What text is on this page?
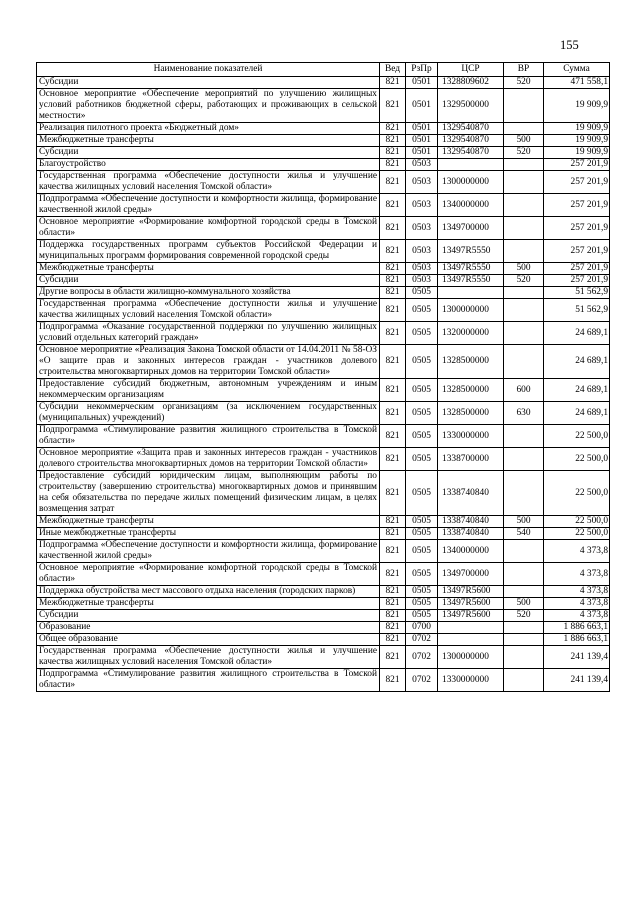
155
Наименование показателей	Вед	РзПр	ЦСР	ВР	Сумма
Субсидии	821	0501	1328809602	520	471 558,1
Основное мероприятие «Обеспечение мероприятий по улучшению жилищных условий работников бюджетной сферы, работающих и проживающих в сельской местности»	821	0501	1329500000		19 909,9
Реализация пилотного проекта «Бюджетный дом»	821	0501	1329540870		19 909,9
Межбюджетные трансферты	821	0501	1329540870	500	19 909,9
Субсидии	821	0501	1329540870	520	19 909,9
Благоустройство	821	0503			257 201,9
Государственная программа «Обеспечение доступности жилья и улучшение качества жилищных условий населения Томской области»	821	0503	1300000000		257 201,9
Подпрограмма «Обеспечение доступности и комфортности жилища, формирование качественной жилой среды»	821	0503	1340000000		257 201,9
Основное мероприятие «Формирование комфортной городской среды в Томской области»	821	0503	1349700000		257 201,9
Поддержка государственных программ субъектов Российской Федерации и муниципальных программ формирования современной городской среды	821	0503	13497R5550		257 201,9
Межбюджетные трансферты	821	0503	13497R5550	500	257 201,9
Субсидии	821	0503	13497R5550	520	257 201,9
Другие вопросы в области жилищно-коммунального хозяйства	821	0505			51 562,9
Государственная программа «Обеспечение доступности жилья и улучшение качества жилищных условий населения Томской области»	821	0505	1300000000		51 562,9
Подпрограмма «Оказание государственной поддержки по улучшению жилищных условий отдельных категорий граждан»	821	0505	1320000000		24 689,1
Основное мероприятие «Реализация Закона Томской области от 14.04.2011 № 58-ОЗ «О защите прав и законных интересов граждан - участников долевого строительства многоквартирных домов на территории Томской области»	821	0505	1328500000		24 689,1
Предоставление субсидий бюджетным, автономным учреждениям и иным некоммерческим организациям	821	0505	1328500000	600	24 689,1
Субсидии некоммерческим организациям (за исключением государственных (муниципальных) учреждений)	821	0505	1328500000	630	24 689,1
Подпрограмма «Стимулирование развития жилищного строительства в Томской области»	821	0505	1330000000		22 500,0
Основное мероприятие «Защита прав и законных интересов граждан - участников долевого строительства многоквартирных домов на территории Томской области»	821	0505	1338700000		22 500,0
Предоставление субсидий юридическим лицам, выполняющим работы по строительству (завершению строительства) многоквартирных домов и принявшим на себя обязательства по передаче жилых помещений физическим лицам, в целях возмещения затрат	821	0505	1338740840		22 500,0
Межбюджетные трансферты	821	0505	1338740840	500	22 500,0
Иные межбюджетные трансферты	821	0505	1338740840	540	22 500,0
Подпрограмма «Обеспечение доступности и комфортности жилища, формирование качественной жилой среды»	821	0505	1340000000		4 373,8
Основное мероприятие «Формирование комфортной городской среды в Томской области»	821	0505	1349700000		4 373,8
Поддержка обустройства мест массового отдыха населения (городских парков)	821	0505	13497R5600		4 373,8
Межбюджетные трансферты	821	0505	13497R5600	500	4 373,8
Субсидии	821	0505	13497R5600	520	4 373,8
Образование	821	0700			1 886 663,1
Общее образование	821	0702			1 886 663,1
Государственная программа «Обеспечение доступности жилья и улучшение качества жилищных условий населения Томской области»	821	0702	1300000000		241 139,4
Подпрограмма «Стимулирование развития жилищного строительства в Томской области»	821	0702	1330000000		241 139,4
